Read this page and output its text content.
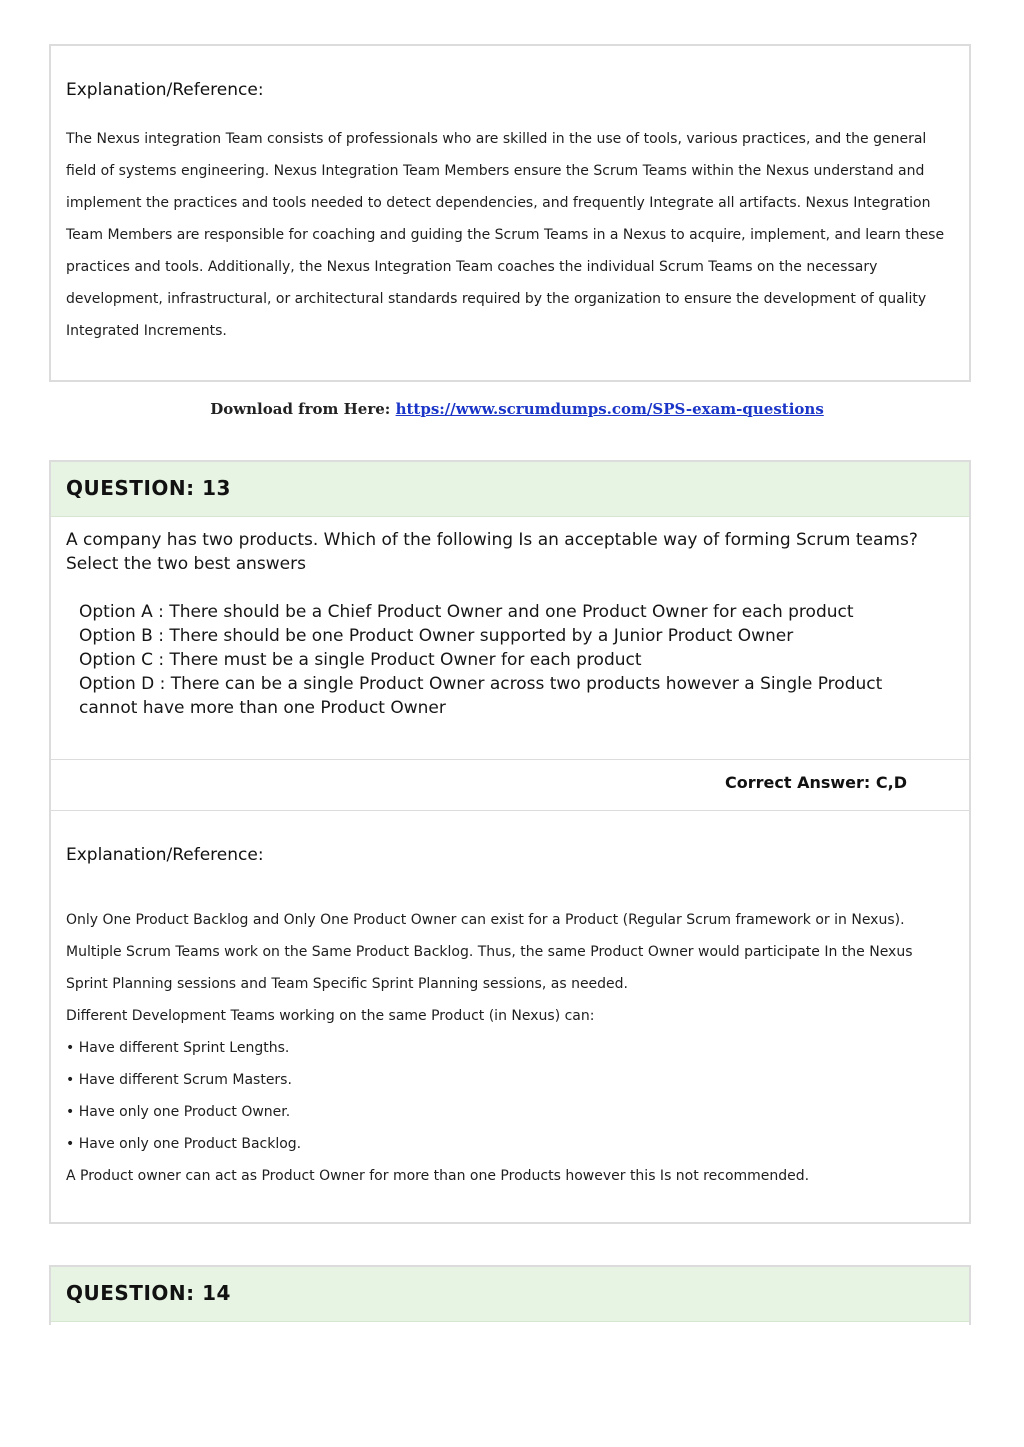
Explanation/Reference:

The Nexus integration Team consists of professionals who are skilled in the use of tools, various practices, and the general field of systems engineering. Nexus Integration Team Members ensure the Scrum Teams within the Nexus understand and implement the practices and tools needed to detect dependencies, and frequently Integrate all artifacts. Nexus Integration Team Members are responsible for coaching and guiding the Scrum Teams in a Nexus to acquire, implement, and learn these practices and tools. Additionally, the Nexus Integration Team coaches the individual Scrum Teams on the necessary development, infrastructural, or architectural standards required by the organization to ensure the development of quality Integrated Increments.

Download from Here: https://www.scrumdumps.com/SPS-exam-questions
QUESTION: 13

A company has two products. Which of the following Is an acceptable way of forming Scrum teams? Select the two best answers

Option A : There should be a Chief Product Owner and one Product Owner for each product
Option B : There should be one Product Owner supported by a Junior Product Owner
Option C : There must be a single Product Owner for each product
Option D : There can be a single Product Owner across two products however a Single Product cannot have more than one Product Owner

Correct Answer: C,D

Explanation/Reference:

Only One Product Backlog and Only One Product Owner can exist for a Product (Regular Scrum framework or in Nexus). Multiple Scrum Teams work on the Same Product Backlog. Thus, the same Product Owner would participate In the Nexus Sprint Planning sessions and Team Specific Sprint Planning sessions, as needed.

Different Development Teams working on the same Product (in Nexus) can:

• Have different Sprint Lengths.

• Have different Scrum Masters.

• Have only one Product Owner.

• Have only one Product Backlog.

A Product owner can act as Product Owner for more than one Products however this Is not recommended.

QUESTION: 14
